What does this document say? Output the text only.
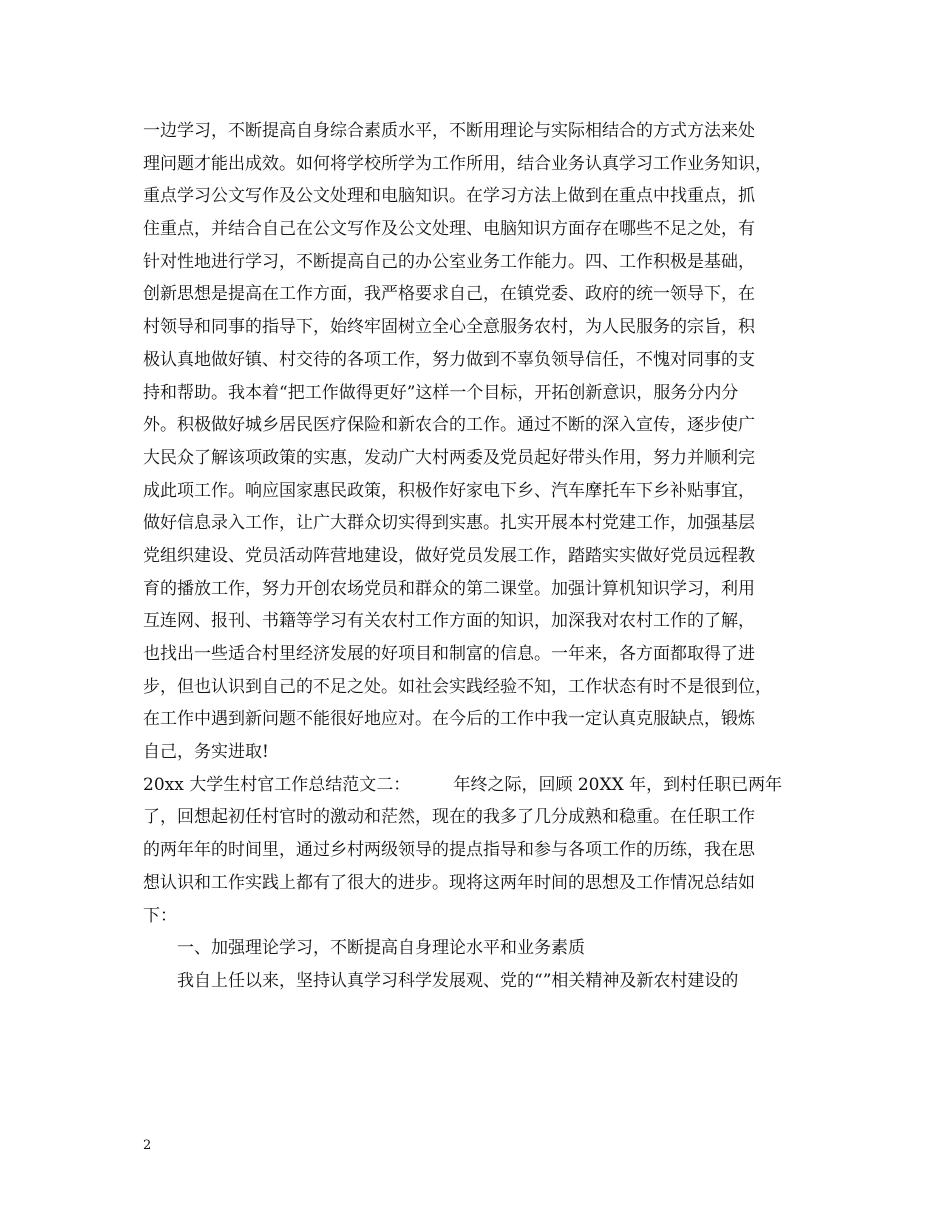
一边学习，不断提高自身综合素质水平，不断用理论与实际相结合的方式方法来处
理问题才能出成效。如何将学校所学为工作所用，结合业务认真学习工作业务知识，
重点学习公文写作及公文处理和电脑知识。在学习方法上做到在重点中找重点，抓
住重点，并结合自己在公文写作及公文处理、电脑知识方面存在哪些不足之处，有
针对性地进行学习，不断提高自己的办公室业务工作能力。四、工作积极是基础，
创新思想是提高在工作方面，我严格要求自己，在镇党委、政府的统一领导下，在
村领导和同事的指导下，始终牢固树立全心全意服务农村，为人民服务的宗旨，积
极认真地做好镇、村交待的各项工作，努力做到不辜负领导信任，不愧对同事的支
持和帮助。我本着“把工作做得更好”这样一个目标，开拓创新意识，服务分内分
外。积极做好城乡居民医疗保险和新农合的工作。通过不断的深入宣传，逐步使广
大民众了解该项政策的实惠，发动广大村两委及党员起好带头作用，努力并顺利完
成此项工作。响应国家惠民政策，积极作好家电下乡、汽车摩托车下乡补贴事宜，
做好信息录入工作，让广大群众切实得到实惠。扎实开展本村党建工作，加强基层
党组织建设、党员活动阵营地建设，做好党员发展工作，踏踏实实做好党员远程教
育的播放工作，努力开创农场党员和群众的第二课堂。加强计算机知识学习，利用
互连网、报刊、书籍等学习有关农村工作方面的知识，加深我对农村工作的了解，
也找出一些适合村里经济发展的好项目和制富的信息。一年来，各方面都取得了进
步，但也认识到自己的不足之处。如社会实践经验不知，工作状态有时不是很到位，
在工作中遇到新问题不能很好地应对。在今后的工作中我一定认真克服缺点，锻炼
自己，务实进取!
20xx 大学生村官工作总结范文二：        年终之际，回顾 20XX 年，到村任职已两年
了，回想起初任村官时的激动和茫然，现在的我多了几分成熟和稳重。在任职工作
的两年年的时间里，通过乡村两级领导的提点指导和参与各项工作的历练，我在思
想认识和工作实践上都有了很大的进步。现将这两年时间的思想及工作情况总结如
下：
　　一、加强理论学习，不断提高自身理论水平和业务素质
　　我自上任以来，坚持认真学习科学发展观、党的“”相关精神及新农村建设的
2
